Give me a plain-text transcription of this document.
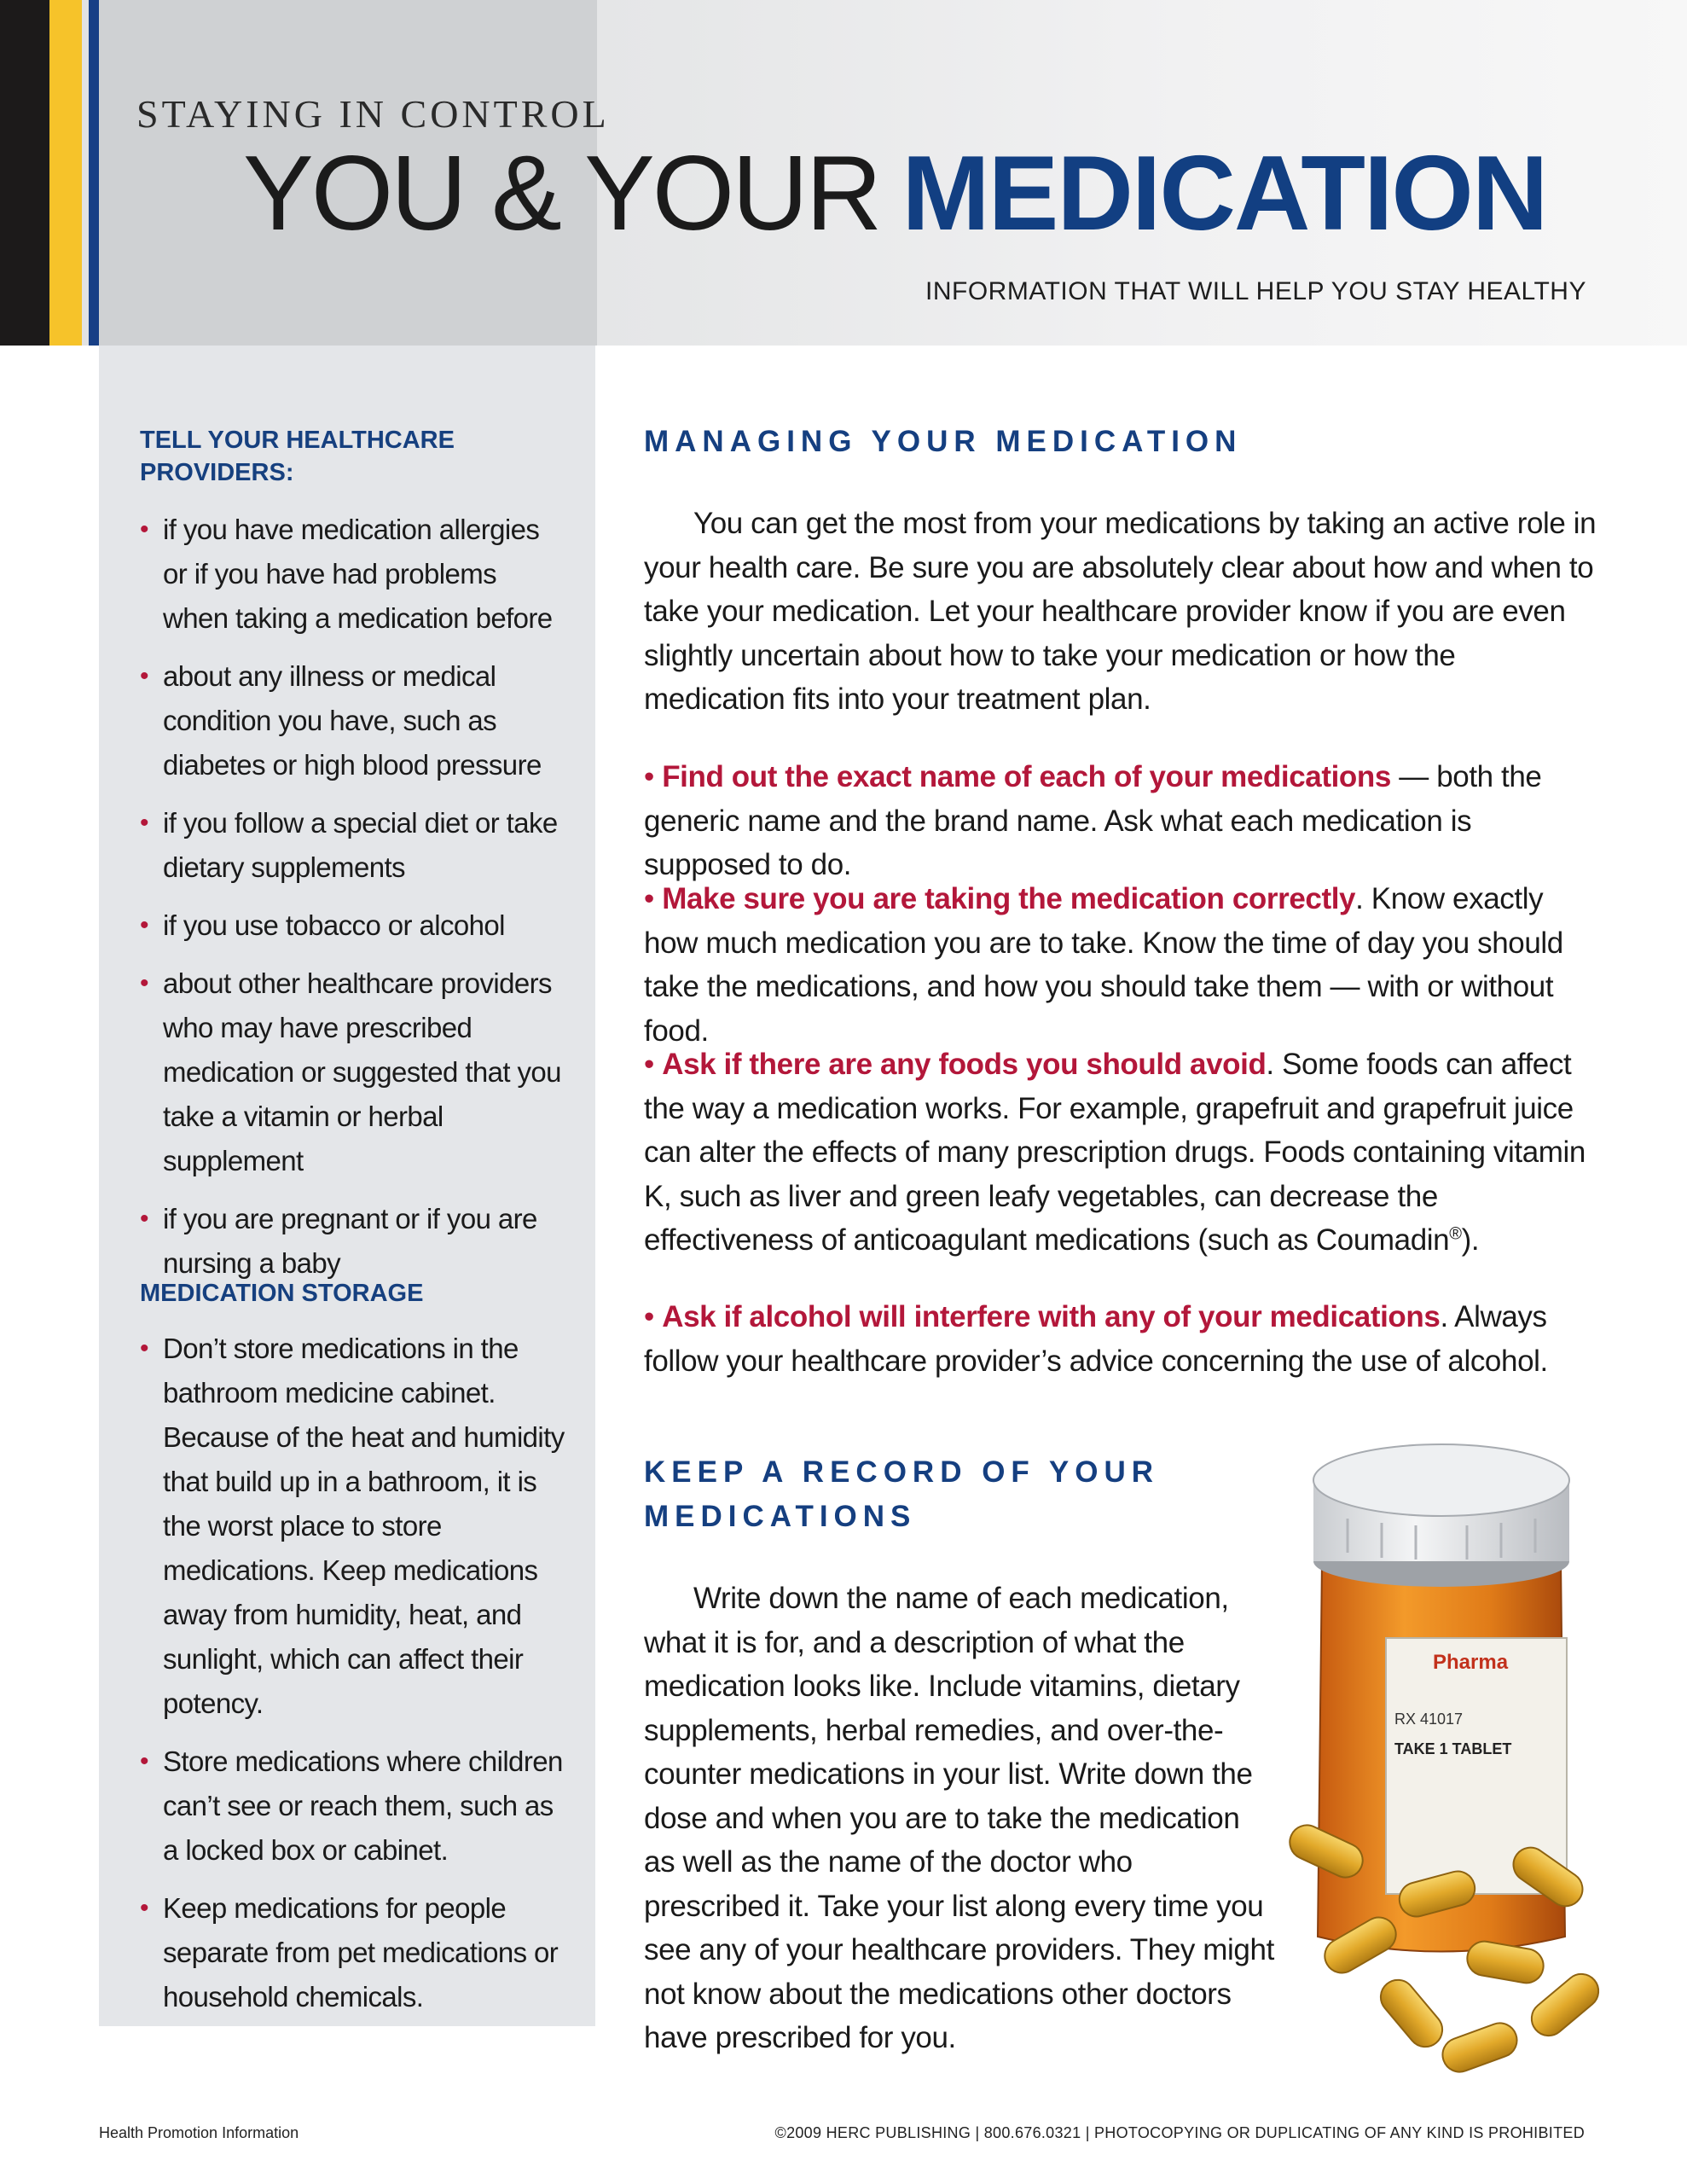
STAYING IN CONTROL
YOU & YOUR MEDICATION
INFORMATION THAT WILL HELP YOU STAY HEALTHY
TELL YOUR HEALTHCARE PROVIDERS:
• if you have medication allergies or if you have had problems when taking a medication before
• about any illness or medical condition you have, such as diabetes or high blood pressure
• if you follow a special diet or take dietary supplements
• if you use tobacco or alcohol
• about other healthcare providers who may have prescribed medication or suggested that you take a vitamin or herbal supplement
• if you are pregnant or if you are nursing a baby
MEDICATION STORAGE
• Don’t store medications in the bathroom medicine cabinet. Because of the heat and humidity that build up in a bathroom, it is the worst place to store medications. Keep medications away from humidity, heat, and sunlight, which can affect their potency.
• Store medications where children can’t see or reach them, such as a locked box or cabinet.
• Keep medications for people separate from pet medications or household chemicals.
MANAGING YOUR MEDICATION
You can get the most from your medications by taking an active role in your health care. Be sure you are absolutely clear about how and when to take your medication. Let your healthcare provider know if you are even slightly uncertain about how to take your medication or how the medication fits into your treatment plan.
• Find out the exact name of each of your medications — both the generic name and the brand name. Ask what each medication is supposed to do.
• Make sure you are taking the medication correctly. Know exactly how much medication you are to take. Know the time of day you should take the medications, and how you should take them — with or without food.
• Ask if there are any foods you should avoid. Some foods can affect the way a medication works. For example, grapefruit and grapefruit juice can alter the effects of many prescription drugs. Foods containing vitamin K, such as liver and green leafy vegetables, can decrease the effectiveness of anticoagulant medications (such as Coumadin®).
• Ask if alcohol will interfere with any of your medications. Always follow your healthcare provider’s advice concerning the use of alcohol.
KEEP A RECORD OF YOUR
MEDICATIONS
Write down the name of each medication, what it is for, and a description of what the medication looks like. Include vitamins, dietary supplements, herbal remedies, and over-the-counter medications in your list. Write down the dose and when you are to take the medication as well as the name of the doctor who prescribed it. Take your list along every time you see any of your healthcare providers. They might not know about the medications other doctors have prescribed for you.
Pharma
RX 41017
TAKE 1 TABLET
Health Promotion Information	©2009 HERC PUBLISHING | 800.676.0321 | PHOTOCOPYING OR DUPLICATING OF ANY KIND IS PROHIBITED
